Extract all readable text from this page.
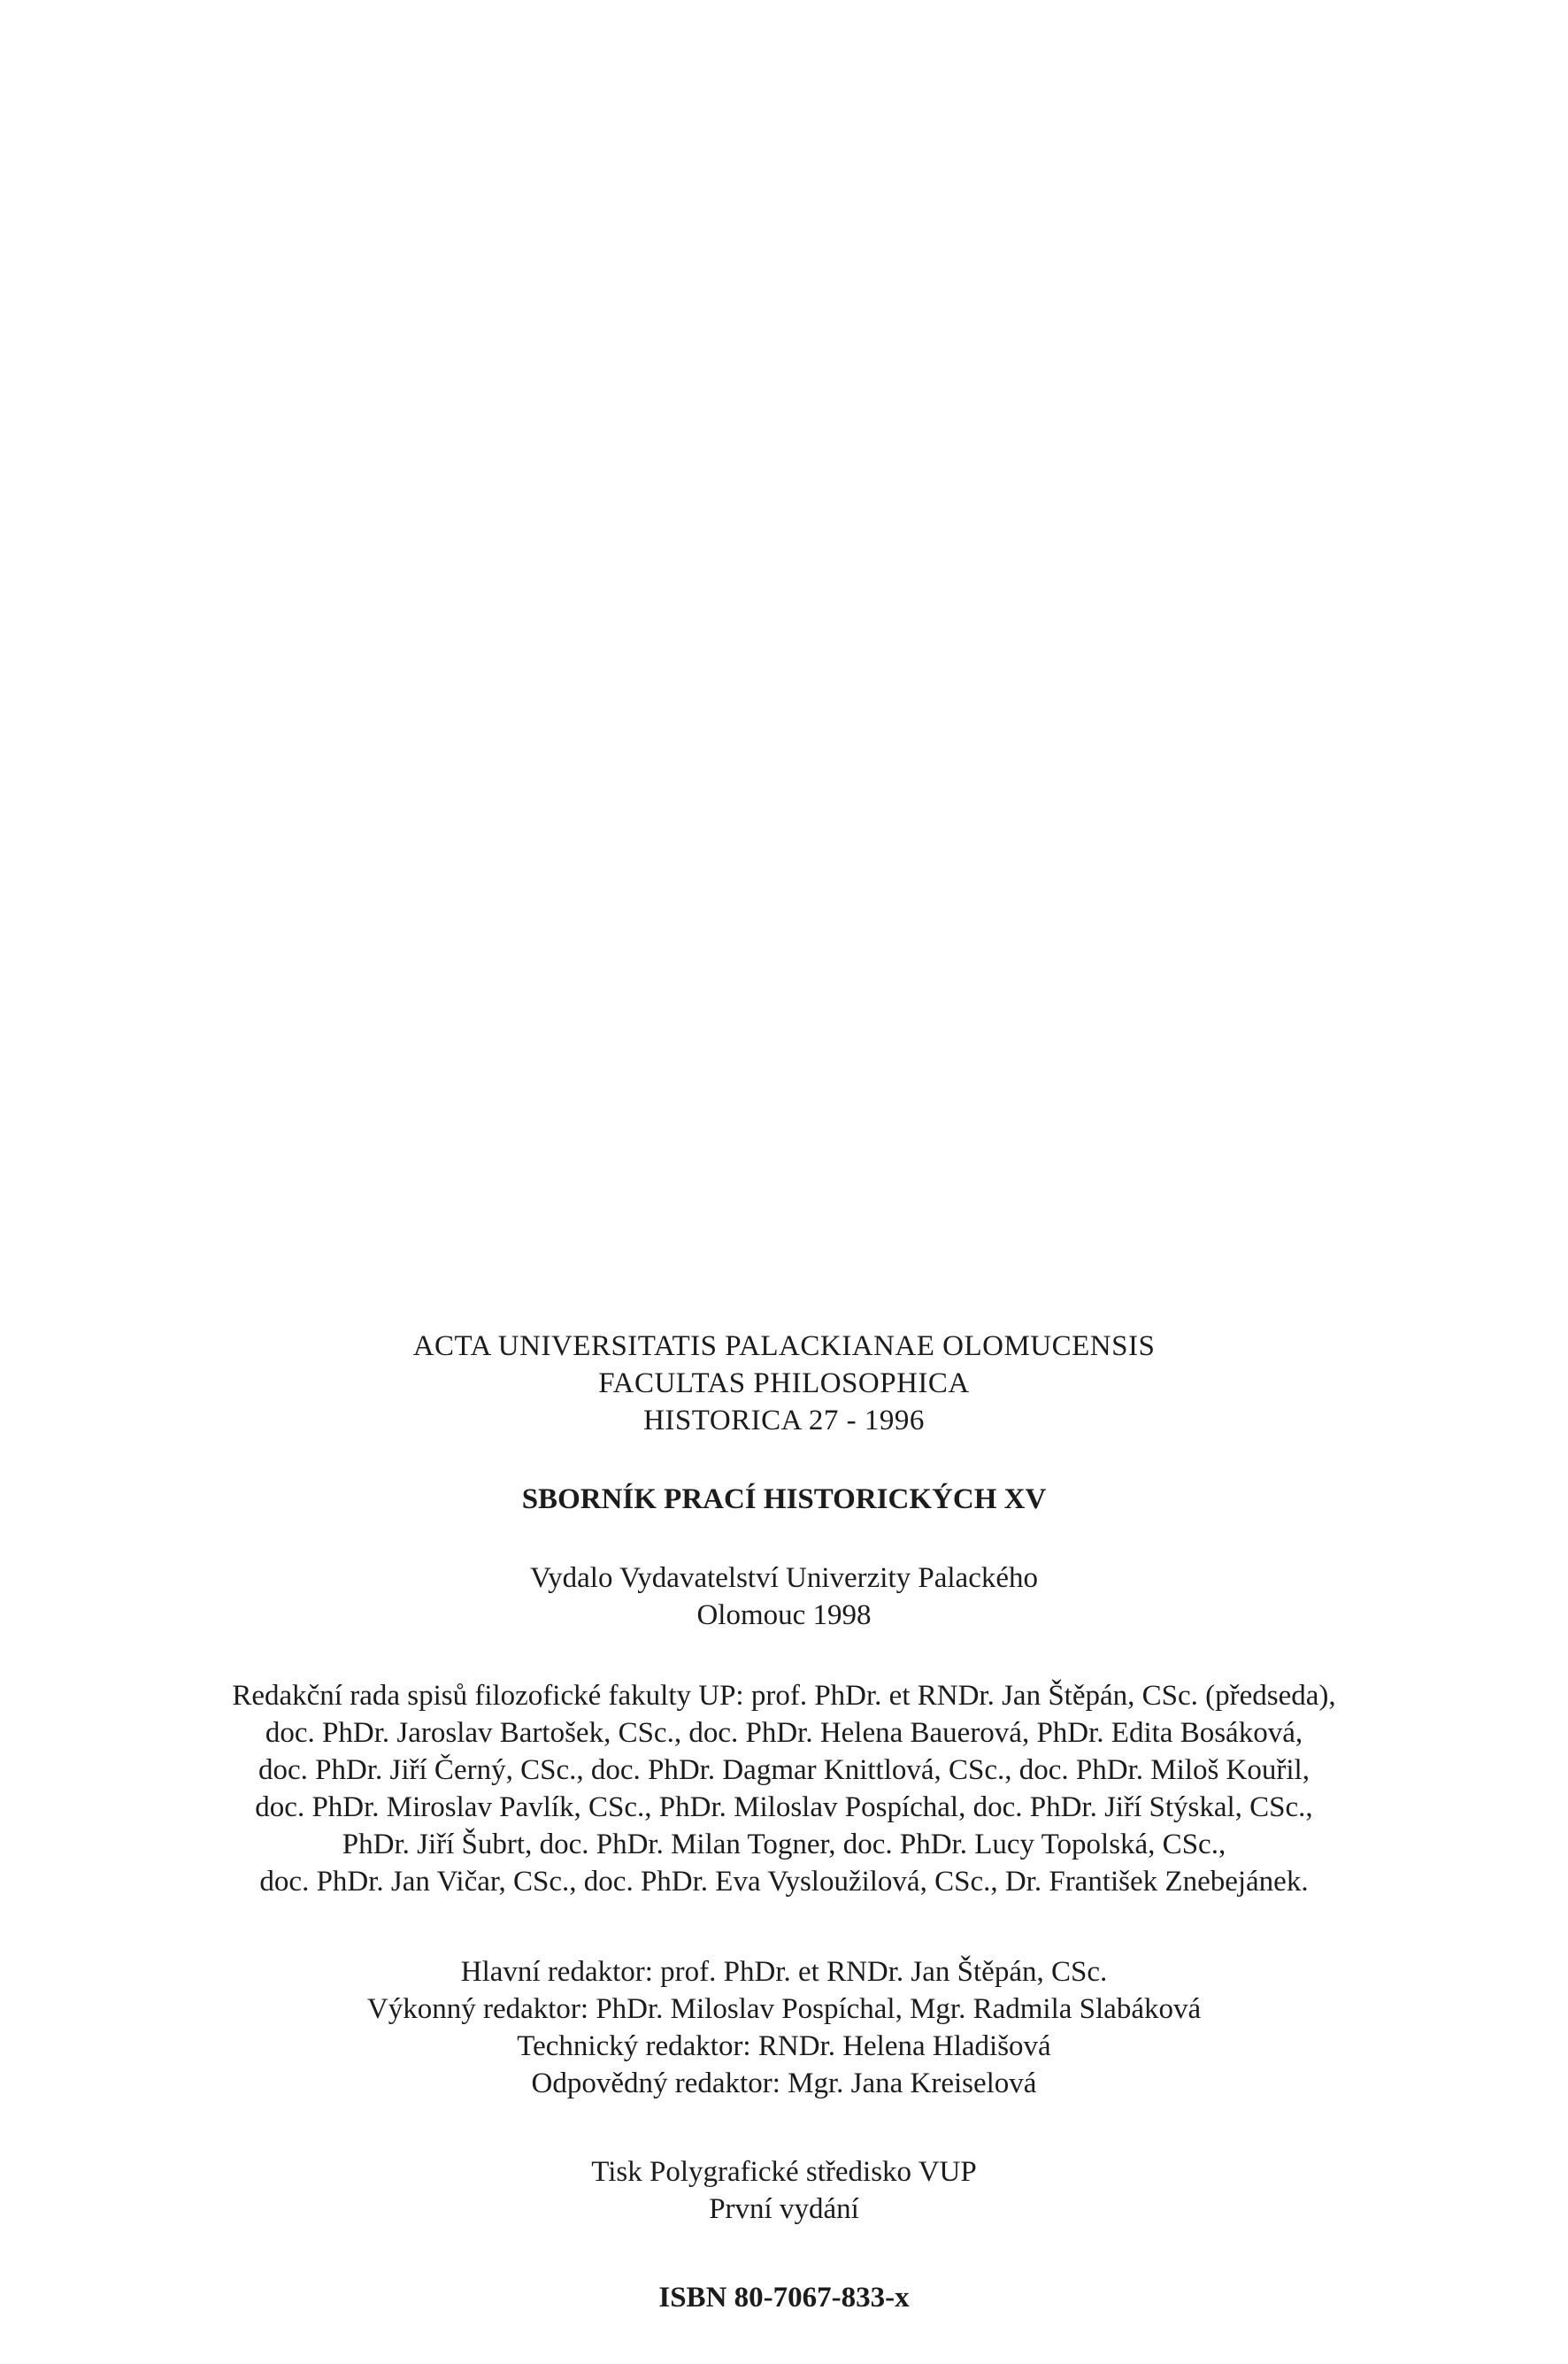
ACTA UNIVERSITATIS PALACKIANAE OLOMUCENSIS
FACULTAS PHILOSOPHICA
HISTORICA 27 - 1996
SBORNÍK PRACÍ HISTORICKÝCH XV
Vydalo Vydavatelství Univerzity Palackého
Olomouc 1998
Redakční rada spisů filozofické fakulty UP: prof. PhDr. et RNDr. Jan Štěpán, CSc. (předseda),
doc. PhDr. Jaroslav Bartošek, CSc., doc. PhDr. Helena Bauerová, PhDr. Edita Bosáková,
doc. PhDr. Jiří Černý, CSc., doc. PhDr. Dagmar Knittlová, CSc., doc. PhDr. Miloš Kouřil,
doc. PhDr. Miroslav Pavlík, CSc., PhDr. Miloslav Pospíchal, doc. PhDr. Jiří Stýskal, CSc.,
PhDr. Jiří Šubrt, doc. PhDr. Milan Togner, doc. PhDr. Lucy Topolská, CSc.,
doc. PhDr. Jan Vičar, CSc., doc. PhDr. Eva Vysloužilová, CSc., Dr. František Znebejánek.
Hlavní redaktor: prof. PhDr. et RNDr. Jan Štěpán, CSc.
Výkonný redaktor: PhDr. Miloslav Pospíchal, Mgr. Radmila Slabáková
Technický redaktor: RNDr. Helena Hladišová
Odpovědný redaktor: Mgr. Jana Kreiselová
Tisk Polygrafické středisko VUP
První vydání
ISBN 80-7067-833-x
